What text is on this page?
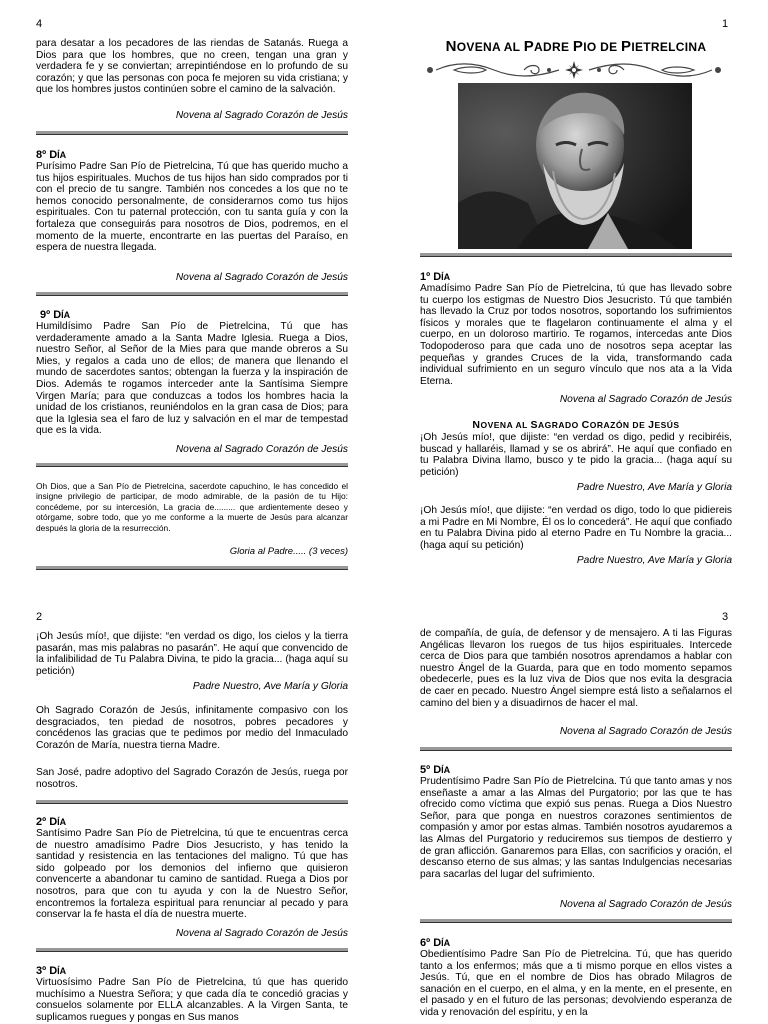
4

para desatar a los pecadores de las riendas de Satanás. Ruega a Dios para que los hombres, que no creen, tengan una gran y verdadera fe y se conviertan; arrepintiéndose en lo profundo de su corazón; y que las personas con poca fe mejoren su vida cristiana; y que los hombres justos continúen sobre el camino de la salvación.

Novena al Sagrado Corazón de Jesús

8º DÍA

Purísimo Padre San Pío de Pietrelcina, Tú que has querido mucho a tus hijos espirituales. Muchos de tus hijos han sido comprados por ti con el precio de tu sangre. También nos concedes a los que no te hemos conocido personalmente, de considerarnos como tus hijos espirituales. Con tu paternal protección, con tu santa guía y con la fortaleza que conseguirás para nosotros de Dios, podremos, en el momento de la muerte, encontrarte en las puertas del Paraíso, en espera de nuestra llegada.

Novena al Sagrado Corazón de Jesús

9º DÍA

Humildísimo Padre San Pío de Pietrelcina, Tú que has verdaderamente amado a la Santa Madre Iglesia. Ruega a Dios, nuestro Señor, al Señor de la Mies para que mande obreros a Su Mies, y regalos a cada uno de ellos; de manera que llenando el mundo de sacerdotes santos; obtengan la fuerza y la inspiración de Dios. Además te rogamos interceder ante la Santísima Siempre Virgen María; para que conduzcas a todos los hombres hacia la unidad de los cristianos, reuniéndolos en la gran casa de Dios; para que la Iglesia sea el faro de luz y salvación en el mar de tempestad que es la vida.

Novena al Sagrado Corazón de Jesús

Oh Dios, que a San Pío de Pietrelcina, sacerdote capuchino, le has concedido el insigne privilegio de participar, de modo admirable, de la pasión de tu Hijo: concédeme, por su intercesión, La gracia de......... que ardientemente deseo y otórgame, sobre todo, que yo me conforme a la muerte de Jesús para alcanzar después la gloria de la resurrección.

Gloria al Padre..... (3 veces)

1

NOVENA AL PADRE PIO DE PIETRELCINA

1º DÍA

Amadísimo Padre San Pío de Pietrelcina, tú que has llevado sobre tu cuerpo los estigmas de Nuestro Dios Jesucristo. Tú que también has llevado la Cruz por todos nosotros, soportando los sufrimientos físicos y morales que te flagelaron continuamente el alma y el cuerpo, en un doloroso martirio. Te rogamos, intercedas ante Dios Todopoderoso para que cada uno de nosotros sepa aceptar las pequeñas y grandes Cruces de la vida, transformando cada individual sufrimiento en un seguro vínculo que nos ata a la Vida Eterna.

Novena al Sagrado Corazón de Jesús

NOVENA AL SAGRADO CORAZÓN DE JESÚS

¡Oh Jesús mío!, que dijiste: “en verdad os digo, pedid y recibiréis, buscad y hallaréis, llamad y se os abrirá”. He aquí que confiado en tu Palabra Divina llamo, busco y te pido la gracia... (haga aquí su petición)

Padre Nuestro, Ave María y Gloria

¡Oh Jesús mío!, que dijiste: “en verdad os digo, todo lo que pidiereis a mi Padre en Mi Nombre, Él os lo concederá”. He aquí que confiado en tu Palabra Divina pido al eterno Padre en Tu Nombre la gracia... (haga aquí su petición)

Padre Nuestro, Ave María y Gloria

2

¡Oh Jesús mío!, que dijiste: “en verdad os digo, los cielos y la tierra pasarán, mas mis palabras no pasarán”. He aquí que convencido de la infalibilidad de Tu Palabra Divina, te pido la gracia... (haga aquí su petición)

Padre Nuestro, Ave María y Gloria

Oh Sagrado Corazón de Jesús, infinitamente compasivo con los desgraciados, ten piedad de nosotros, pobres pecadores y concédenos las gracias que te pedimos por medio del Inmaculado Corazón de María, nuestra tierna Madre.

San José, padre adoptivo del Sagrado Corazón de Jesús, ruega por nosotros.

2º DÍA

Santísimo Padre San Pío de Pietrelcina, tú que te encuentras cerca de nuestro amadísimo Padre Dios Jesucristo, y has tenido la santidad y resistencia en las tentaciones del maligno. Tú que has sido golpeado por los demonios del infierno que quisieron convencerte a abandonar tu camino de santidad. Ruega a Dios por nosotros, para que con tu ayuda y con la de Nuestro Señor, encontremos la fortaleza espiritual para renunciar al pecado y para conservar la fe hasta el día de nuestra muerte.

Novena al Sagrado Corazón de Jesús

3º DÍA

Virtuosísimo Padre San Pío de Pietrelcina, tú que has querido muchísimo a Nuestra Señora; y que cada día te concedió gracias y consuelos solamente por ELLA alcanzables. A la Virgen Santa, te suplicamos ruegues y pongas en Sus manos

3

de compañía, de guía, de defensor y de mensajero. A ti las Figuras Angélicas llevaron los ruegos de tus hijos espirituales. Intercede cerca de Dios para que también nosotros aprendamos a hablar con nuestro Ángel de la Guarda, para que en todo momento sepamos obedecerle, pues es la luz viva de Dios que nos evita la desgracia de caer en pecado. Nuestro Ángel siempre está listo a señalarnos el camino del bien y a disuadirnos de hacer el mal.

Novena al Sagrado Corazón de Jesús

5º DÍA

Prudentísimo Padre San Pío de Pietrelcina. Tú que tanto amas y nos enseñaste a amar a las Almas del Purgatorio; por las que te has ofrecido como víctima que expió sus penas. Ruega a Dios Nuestro Señor, para que ponga en nuestros corazones sentimientos de compasión y amor por estas almas. También nosotros ayudaremos a las Almas del Purgatorio y reduciremos sus tiempos de destierro y de gran aflicción. Ganaremos para Ellas, con sacrificios y oración, el descanso eterno de sus almas; y las santas Indulgencias necesarias para sacarlas del lugar del sufrimiento.

Novena al Sagrado Corazón de Jesús

6º DÍA

Obedientísimo Padre San Pío de Pietrelcina. Tú, que has querido tanto a los enfermos; más que a ti mismo porque en ellos vistes a Jesús. Tú, que en el nombre de Dios has obrado Milagros de sanación en el cuerpo, en el alma, y en la mente, en el presente, en el pasado y en el futuro de las personas; devolviendo esperanza de vida y renovación del espíritu, y en la
